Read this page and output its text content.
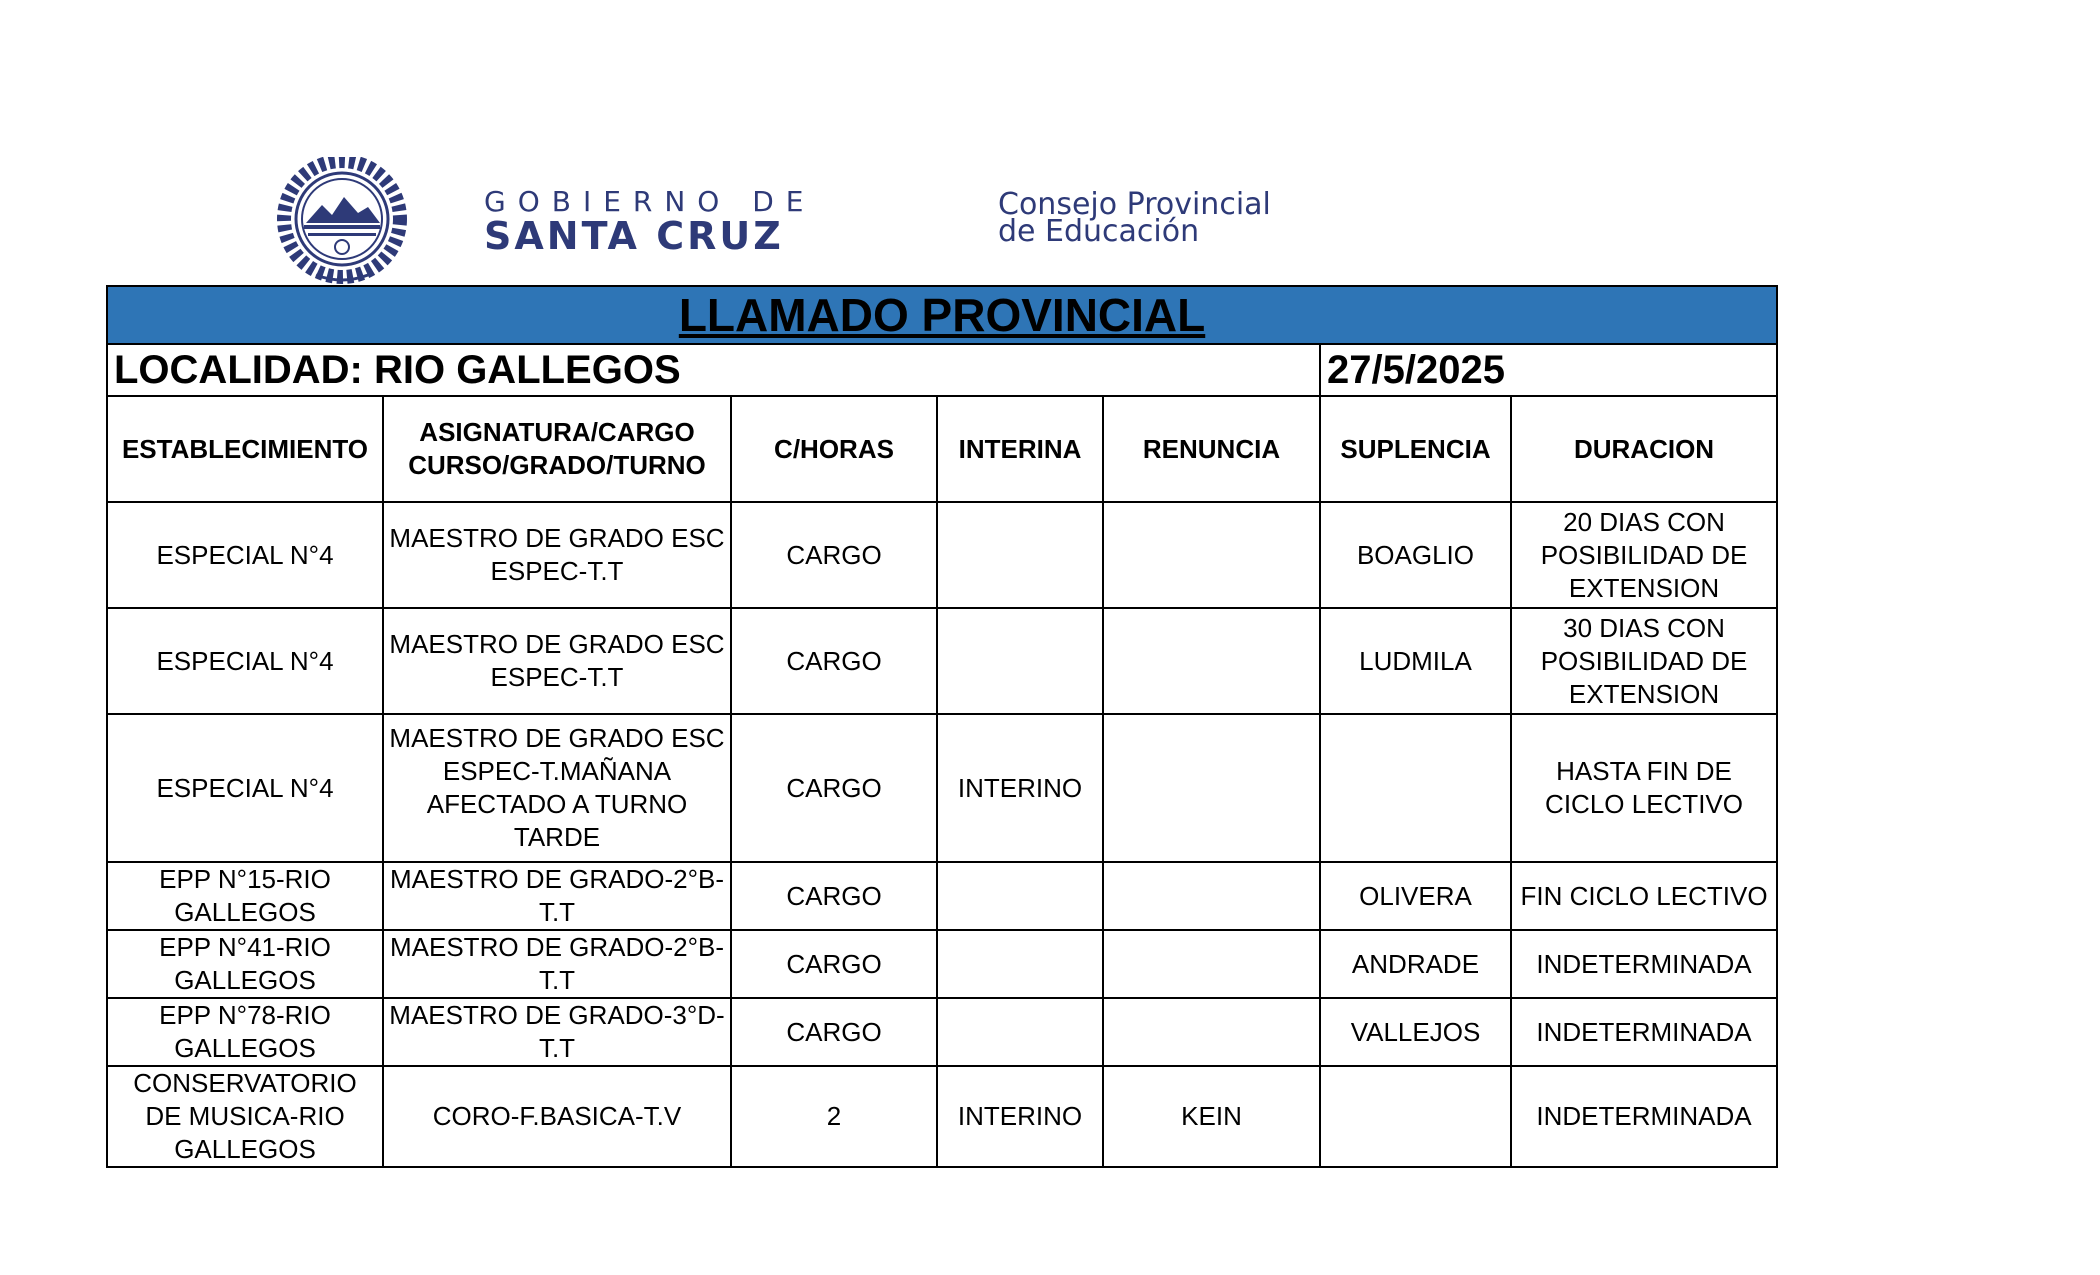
GOBIERNO DE
SANTA CRUZ
Consejo Provincial
de Educación
LLAMADO PROVINCIAL						
LOCALIDAD: RIO GALLEGOS					27/5/2025	
ESTABLECIMIENTO	ASIGNATURA/CARGO CURSO/GRADO/TURNO	C/HORAS	INTERINA	RENUNCIA	SUPLENCIA	DURACION
ESPECIAL N°4	MAESTRO DE GRADO ESC ESPEC-T.T	CARGO			BOAGLIO	20 DIAS CON POSIBILIDAD DE EXTENSION
ESPECIAL N°4	MAESTRO DE GRADO ESC ESPEC-T.T	CARGO			LUDMILA	30 DIAS CON POSIBILIDAD DE EXTENSION
ESPECIAL N°4	MAESTRO DE GRADO ESC ESPEC-T.MAÑANA AFECTADO A TURNO TARDE	CARGO	INTERINO			HASTA FIN DE CICLO LECTIVO
EPP N°15-RIO GALLEGOS	MAESTRO DE GRADO-2°B-T.T	CARGO			OLIVERA	FIN CICLO LECTIVO
EPP N°41-RIO GALLEGOS	MAESTRO DE GRADO-2°B-T.T	CARGO			ANDRADE	INDETERMINADA
EPP N°78-RIO GALLEGOS	MAESTRO DE GRADO-3°D-T.T	CARGO			VALLEJOS	INDETERMINADA
CONSERVATORIO DE MUSICA-RIO GALLEGOS	CORO-F.BASICA-T.V	2	INTERINO	KEIN		INDETERMINADA
